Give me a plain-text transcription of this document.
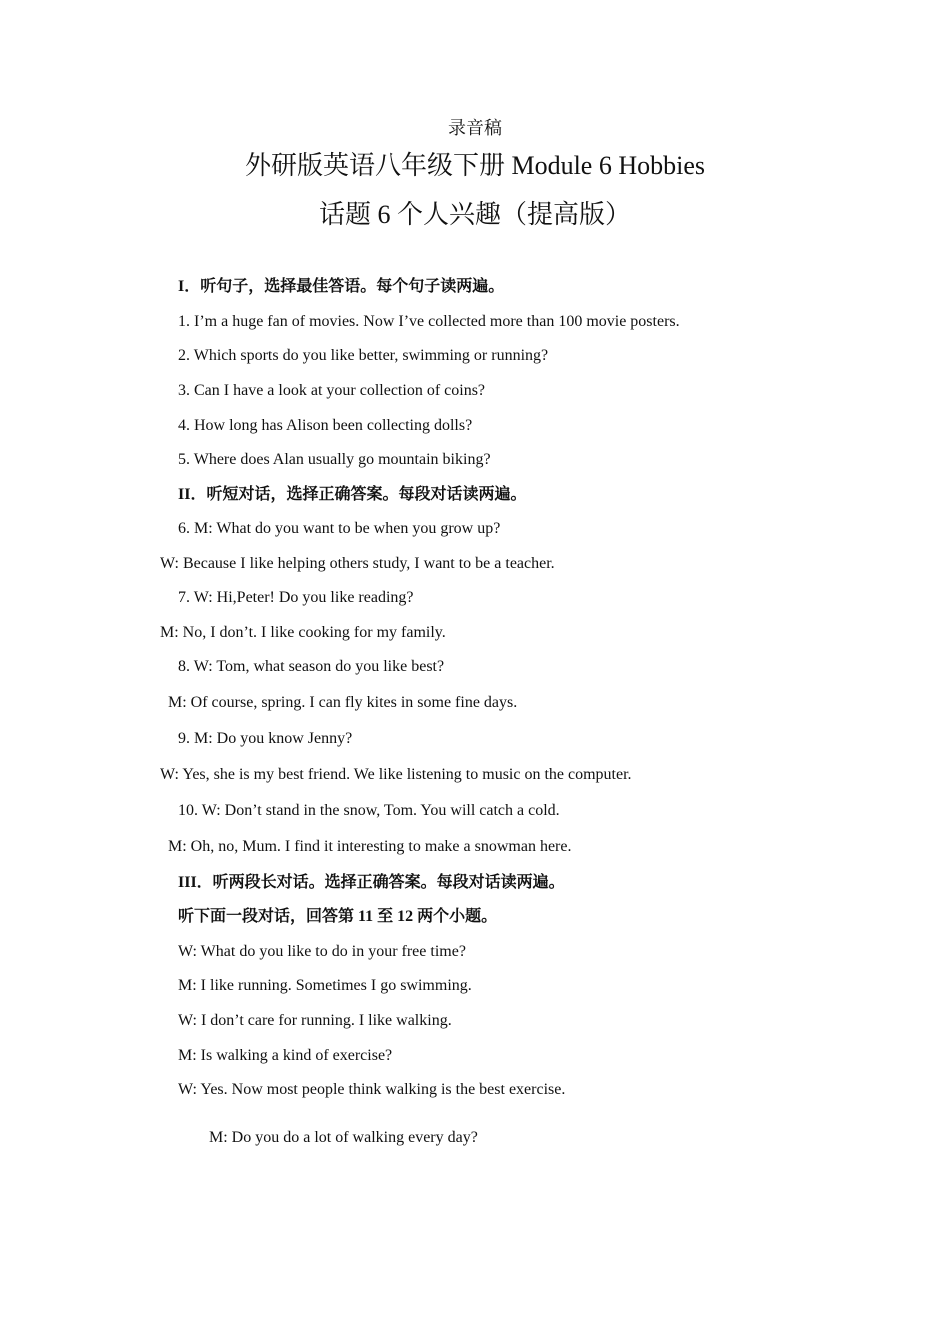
录音稿
外研版英语八年级下册 Module 6 Hobbies
话题 6 个人兴趣（提高版）
I．听句子，选择最佳答语。每个句子读两遍。
1. I’m a huge fan of movies. Now I’ve collected more than 100 movie posters.
2. Which sports do you like better, swimming or running?
3. Can I have a look at your collection of coins?
4. How long has Alison been collecting dolls?
5. Where does Alan usually go mountain biking?
II．听短对话，选择正确答案。每段对话读两遍。
6. M: What do you want to be when you grow up?
W: Because I like helping others study, I want to be a teacher.
7. W: Hi,Peter! Do you like reading?
M: No, I don’t. I like cooking for my family.
8. W: Tom, what season do you like best?
M: Of course, spring. I can fly kites in some fine days.
9. M: Do you know Jenny?
W: Yes, she is my best friend. We like listening to music on the computer.
10. W: Don’t stand in the snow, Tom. You will catch a cold.
M: Oh, no, Mum. I find it interesting to make a snowman here.
III．听两段长对话。选择正确答案。每段对话读两遍。
听下面一段对话，回答第 11 至 12 两个小题。
W: What do you like to do in your free time?
M: I like running. Sometimes I go swimming.
W: I don’t care for running. I like walking.
M: Is walking a kind of exercise?
W: Yes. Now most people think walking is the best exercise.
M: Do you do a lot of walking every day?
